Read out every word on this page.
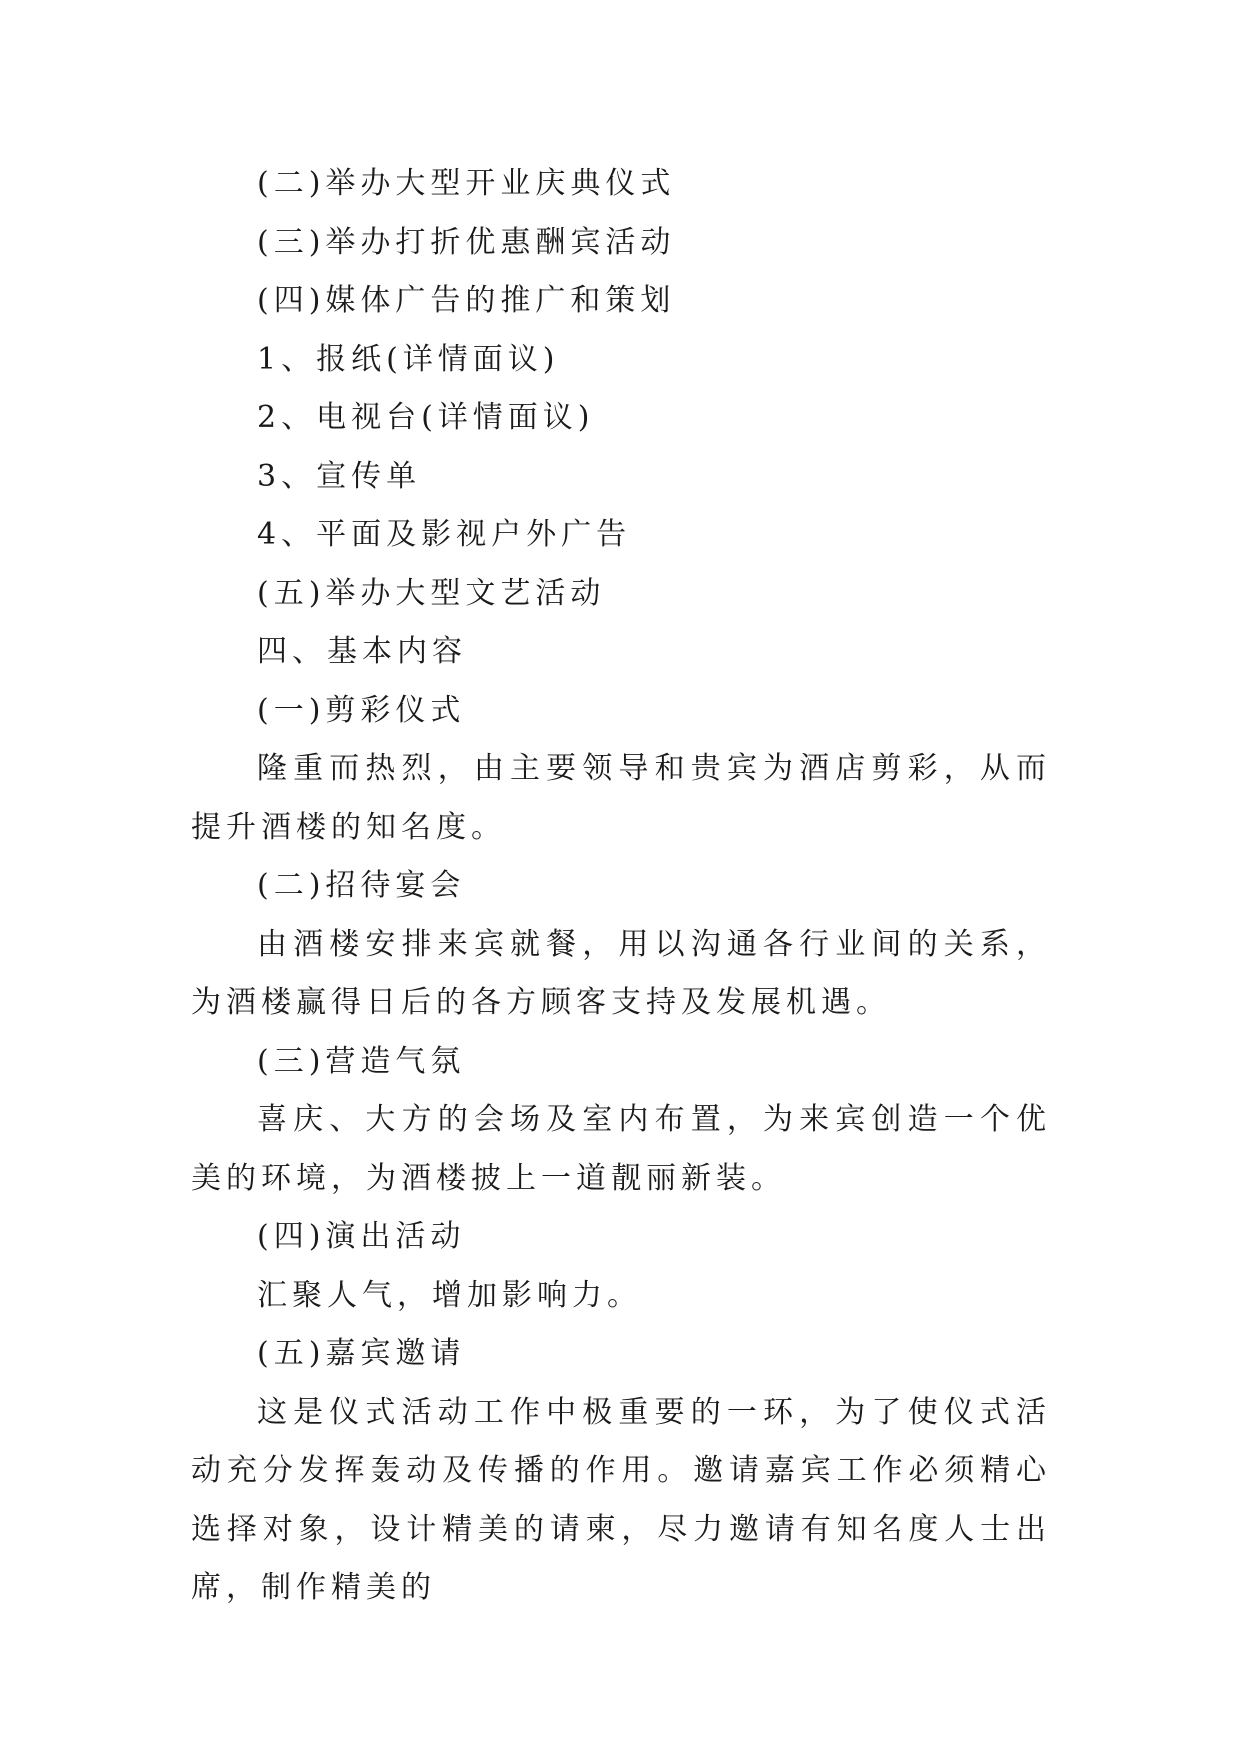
(二)举办大型开业庆典仪式

(三)举办打折优惠酬宾活动

(四)媒体广告的推广和策划

1、报纸(详情面议)

2、电视台(详情面议)

3、宣传单

4、平面及影视户外广告

(五)举办大型文艺活动

四、基本内容

(一)剪彩仪式

隆重而热烈，由主要领导和贵宾为酒店剪彩，从而提升酒楼的知名度。

(二)招待宴会

由酒楼安排来宾就餐，用以沟通各行业间的关系，为酒楼赢得日后的各方顾客支持及发展机遇。

(三)营造气氛

喜庆、大方的会场及室内布置，为来宾创造一个优美的环境，为酒楼披上一道靓丽新装。

(四)演出活动

汇聚人气，增加影响力。

(五)嘉宾邀请

这是仪式活动工作中极重要的一环，为了使仪式活动充分发挥轰动及传播的作用。邀请嘉宾工作必须精心选择对象，设计精美的请柬，尽力邀请有知名度人士出席，制作精美的
